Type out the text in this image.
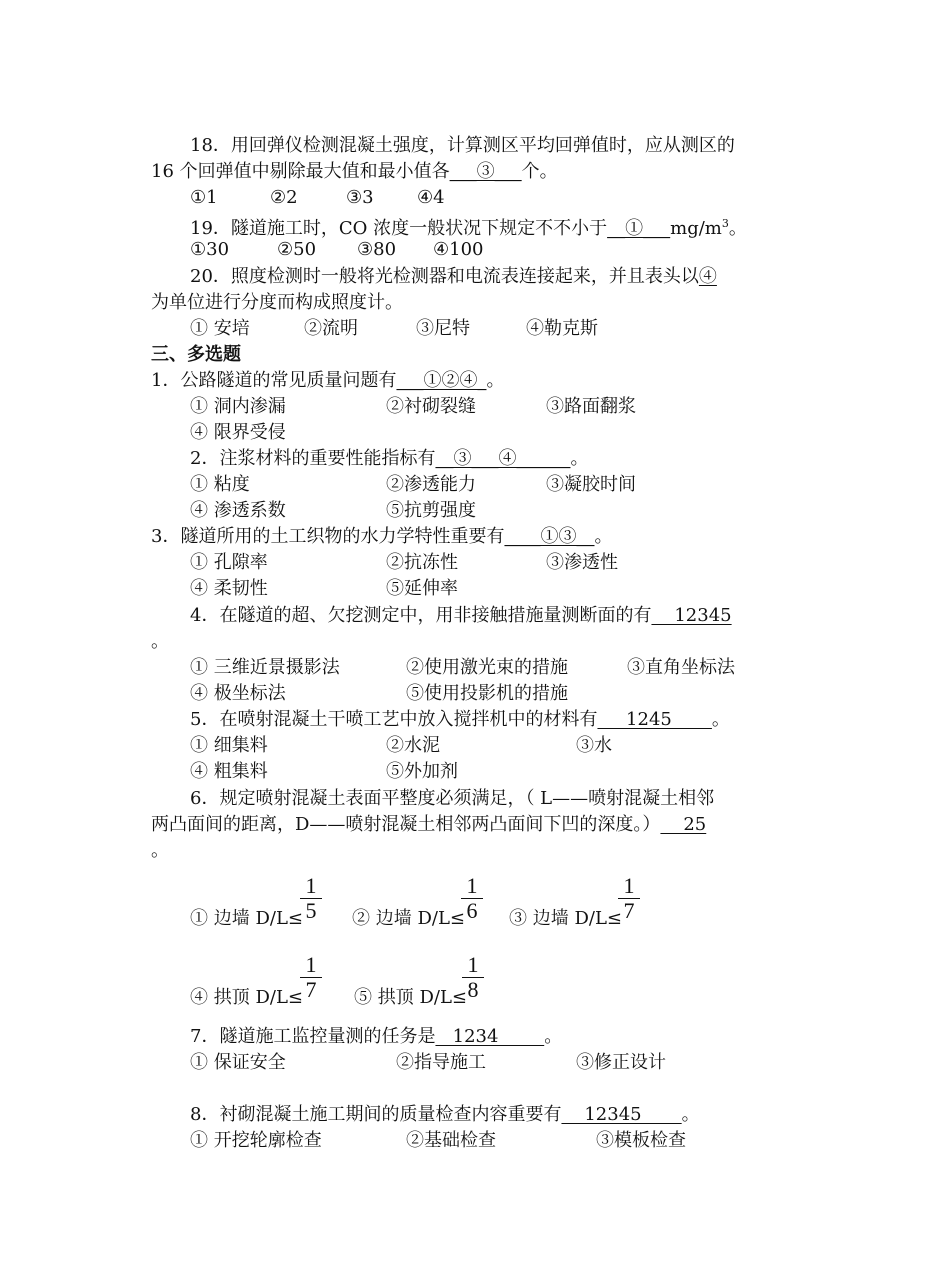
18．用回弹仪检测混凝土强度，计算测区平均回弹值时，应从测区的
16 个回弹值中剔除最大值和最小值各___③___个。
①1	②2	③3 ④4
19．隧道施工时，CO 浓度一般状况下规定不不小于$\_\_①\_\_\_mg/m^3$。
①30	②50 ③80 ④100
20．照度检测时一般将光检测器和电流表连接起来，并且表头以④
为单位进行分度而构成照度计。
① 安培	②流明	③尼特	④勒克斯
三、多选题
1．公路隧道的常见质量问题有___①②④_。
① 洞内渗漏	②衬砌裂缝	③路面翻浆
④ 限界受侵
2．注浆材料的重要性能指标有__③___④______。
① 粘度	②渗透能力	③凝胶时间
④ 渗透系数	⑤抗剪强度
3．隧道所用的土工织物的水力学特性重要有____①③__。
① 孔隙率	②抗冻性	③渗透性
④ 柔韧性	⑤延伸率
4．在隧道的超、欠挖测定中，用非接触措施量测断面的有    12345
。
① 三维近景摄影法	②使用激光束的措施	③直角坐标法
④ 极坐标法	⑤使用投影机的措施
5．在喷射混凝土干喷工艺中放入搅拌机中的材料有     1245       。
① 细集料	②水泥	③水
④ 粗集料	⑤外加剂
6．规定喷射混凝土表面平整度必须满足，（ L——喷射混凝土相邻
两凸面间的距离，D——喷射混凝土相邻两凸面间下凹的深度。）    25
。
① 边墙 D/L≤
$\frac{1}{5}$ ② 边墙 D/L≤
$\frac{1}{6}$ ③ 边墙 D/L≤
$\frac{1}{7}$
④ 拱顶 D/L≤
$\frac{1}{7}$ ⑤ 拱顶 D/L≤
$\frac{1}{8}$
7．隧道施工监控量测的任务是   1234        。
① 保证安全	②指导施工	③修正设计
8．衬砌混凝土施工期间的质量检查内容重要有    12345       。
① 开挖轮廓检查	②基础检查	③模板检查
